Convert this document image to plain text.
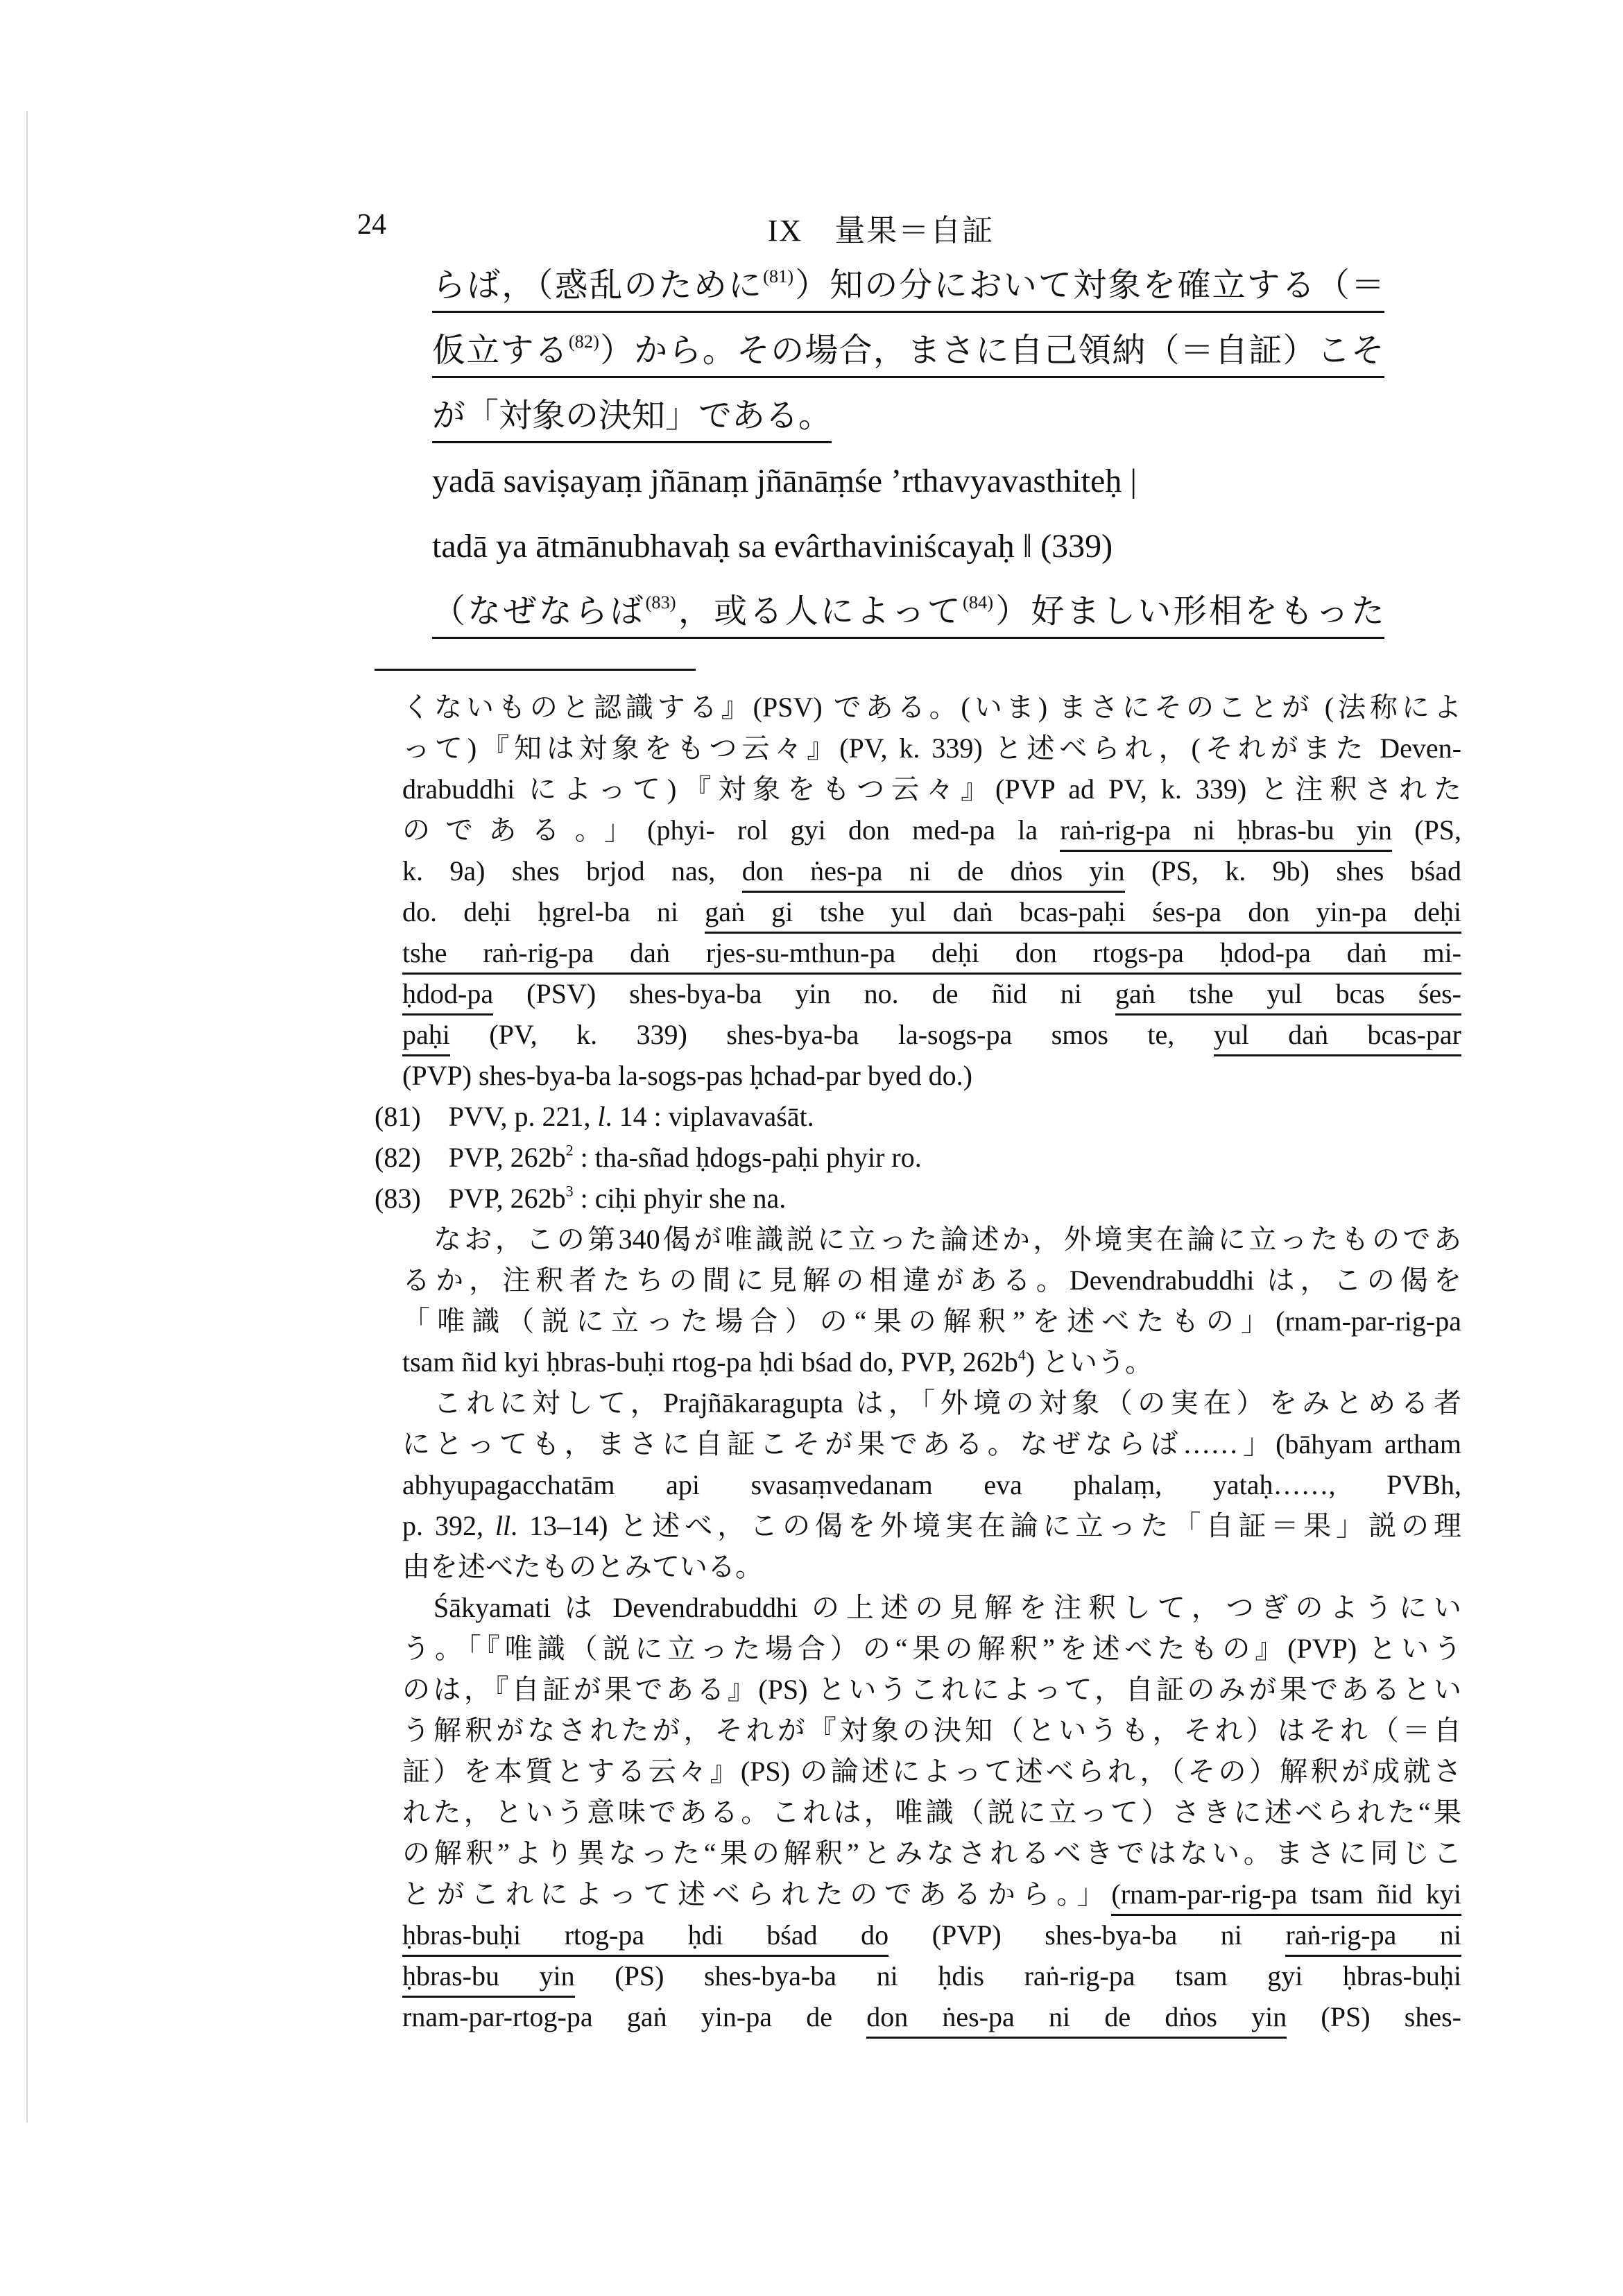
24	IX　量果＝自証
らば，（惑乱のために$^{(81)}$）知の分において対象を確立する（＝
仮立する$^{(82)}$）から。その場合，まさに自己領納（＝自証）こそ
が「対象の決知」である。
yadā saviṣayaṃ jñānaṃ jñānāṃśe ’rthavyavasthiteḥ |
tadā ya ātmānubhavaḥ sa evârthaviniścayaḥ ‖ (339)
（なぜならば$^{(83)}$，或る人によって$^{(84)}$）好ましい形相をもった
くないものと認識する』(PSV) である。(いま) まさにそのことが (法称によ
って)『知は対象をもつ云々』(PV, k. 339) と述べられ，(それがまた Deven-
drabuddhi によって)『対象をもつ云々』(PVP ad PV, k. 339) と注釈された
のである。」(phyi- rol gyi don med-pa la raṅ-rig-pa ni ḥbras-bu yin (PS,
k. 9a) shes brjod nas, don ṅes-pa ni de dṅos yin (PS, k. 9b) shes bśad
do. deḥi ḥgrel-ba ni gaṅ gi tshe yul daṅ bcas-paḥi śes-pa don yin-pa deḥi
tshe raṅ-rig-pa daṅ rjes-su-mthun-pa deḥi don rtogs-pa ḥdod-pa daṅ mi-
ḥdod-pa (PSV) shes-bya-ba yin no. de ñid ni gaṅ tshe yul bcas śes-
paḥi (PV, k. 339) shes-bya-ba la-sogs-pa smos te, yul daṅ bcas-par
(PVP) shes-bya-ba la-sogs-pas ḥchad-par byed do.)
(81)　PVV, p. 221, l. 14 : viplavavaśāt.
(82)　PVP, $262b^2$ : tha-sñad ḥdogs-paḥi phyir ro.
(83)　PVP, $262b^3$ : ciḥi phyir she na.
なお，この第340偈が唯識説に立った論述か，外境実在論に立ったものであ
るか，注釈者たちの間に見解の相違がある。Devendrabuddhi は，この偈を
「唯識（説に立った場合）の“果の解釈”を述べたもの」(rnam-par-rig-pa
tsam ñid kyi ḥbras-buḥi rtog-pa ḥdi bśad do, PVP, $262b^4$) という。
これに対して，Prajñākaragupta は，「外境の対象（の実在）をみとめる者
にとっても，まさに自証こそが果である。なぜならば……」(bāhyam artham
abhyupagacchatām api svasaṃvedanam eva phalaṃ, yataḥ……, PVBh,
p. 392, ll. 13–14) と述べ，この偈を外境実在論に立った「自証＝果」説の理
由を述べたものとみている。
Śākyamati は Devendrabuddhi の上述の見解を注釈して，つぎのようにい
う。「『唯識（説に立った場合）の“果の解釈”を述べたもの』(PVP) という
のは，『自証が果である』(PS) というこれによって，自証のみが果であるとい
う解釈がなされたが，それが『対象の決知（というも，それ）はそれ（＝自
証）を本質とする云々』(PS) の論述によって述べられ，（その）解釈が成就さ
れた，という意味である。これは，唯識（説に立って）さきに述べられた“果
の解釈”より異なった“果の解釈”とみなされるべきではない。まさに同じこ
とがこれによって述べられたのであるから。」(rnam-par-rig-pa tsam ñid kyi
ḥbras-buḥi rtog-pa ḥdi bśad do (PVP) shes-bya-ba ni raṅ-rig-pa ni
ḥbras-bu yin (PS) shes-bya-ba ni ḥdis raṅ-rig-pa tsam gyi ḥbras-buḥi
rnam-par-rtog-pa gaṅ yin-pa de don ṅes-pa ni de dṅos yin (PS) shes-
